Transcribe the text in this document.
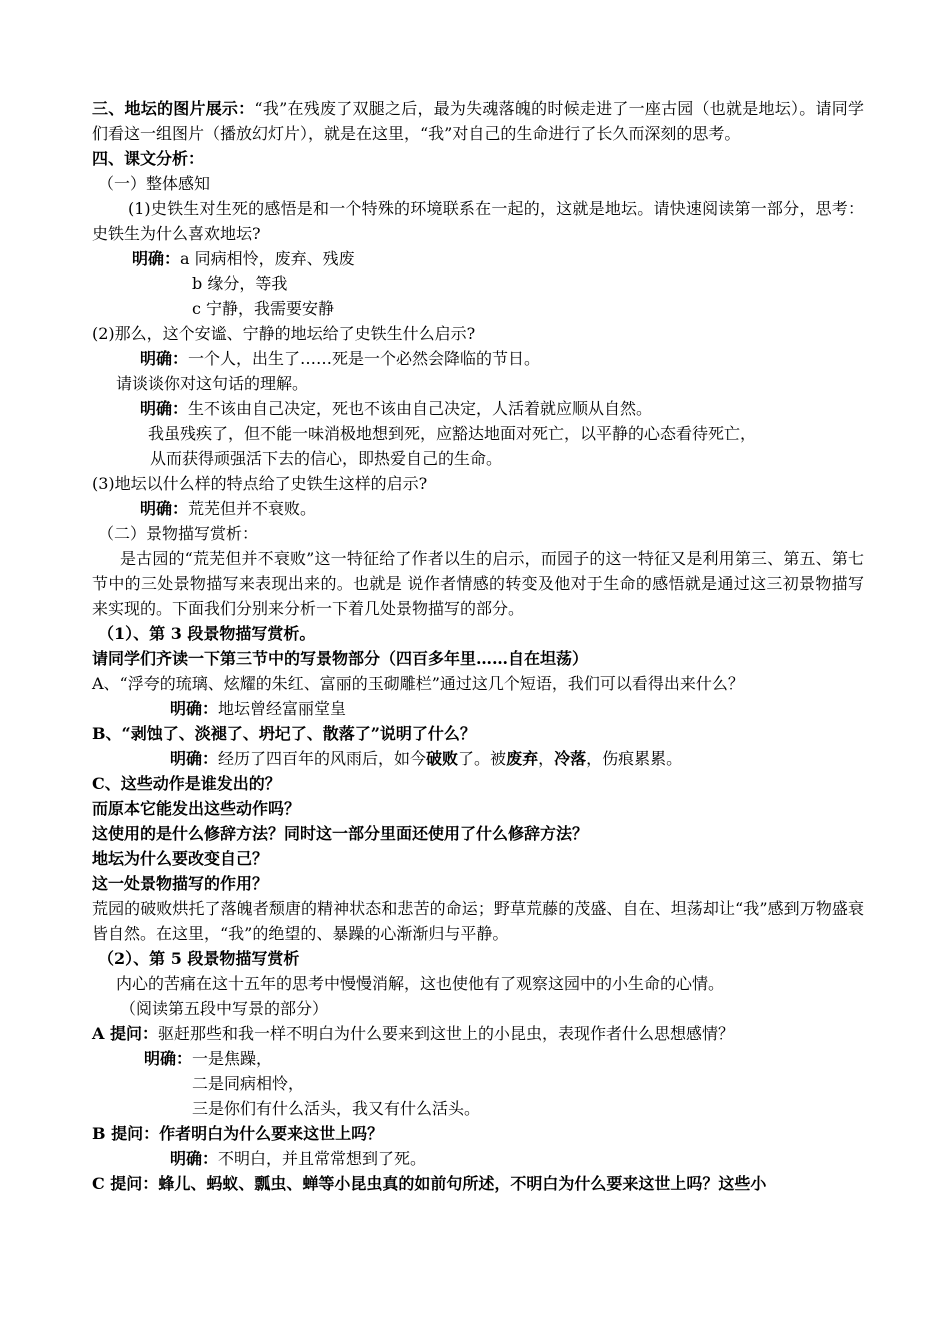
三、地坛的图片展示：“我”在残废了双腿之后，最为失魂落魄的时候走进了一座古园（也就是地坛）。请同学们看这一组图片（播放幻灯片），就是在这里，“我”对自己的生命进行了长久而深刻的思考。
四、课文分析：
（一）整体感知
(1)史铁生对生死的感悟是和一个特殊的环境联系在一起的，这就是地坛。请快速阅读第一部分，思考：史铁生为什么喜欢地坛?
明确：a 同病相怜，废弃、残废
b 缘分，等我
c 宁静，我需要安静
(2)那么，这个安谧、宁静的地坛给了史铁生什么启示?
明确：一个人，出生了……死是一个必然会降临的节日。
请谈谈你对这句话的理解。
明确：生不该由自己决定，死也不该由自己决定，人活着就应顺从自然。
我虽残疾了，但不能一味消极地想到死，应豁达地面对死亡，以平静的心态看待死亡，
从而获得顽强活下去的信心，即热爱自己的生命。
(3)地坛以什么样的特点给了史铁生这样的启示?
明确：荒芜但并不衰败。
（二）景物描写赏析：
是古园的“荒芜但并不衰败”这一特征给了作者以生的启示，而园子的这一特征又是利用第三、第五、第七节中的三处景物描写来表现出来的。也就是 说作者情感的转变及他对于生命的感悟就是通过这三初景物描写来实现的。下面我们分别来分析一下着几处景物描写的部分。
（1）、第 3 段景物描写赏析。
请同学们齐读一下第三节中的写景物部分（四百多年里……自在坦荡）
A、“浮夸的琉璃、炫耀的朱红、富丽的玉砌雕栏”通过这几个短语，我们可以看得出来什么？
明确：地坛曾经富丽堂皇
B、“剥蚀了、淡褪了、坍圮了、散落了”说明了什么？
明确：经历了四百年的风雨后，如今破败了。被废弃，冷落，伤痕累累。
C、这些动作是谁发出的？
而原本它能发出这些动作吗？
这使用的是什么修辞方法？同时这一部分里面还使用了什么修辞方法？
地坛为什么要改变自己？
这一处景物描写的作用？
荒园的破败烘托了落魄者颓唐的精神状态和悲苦的命运；野草荒藤的茂盛、自在、坦荡却让“我”感到万物盛衰皆自然。在这里，“我”的绝望的、暴躁的心渐渐归与平静。
（2）、第 5 段景物描写赏析
内心的苦痛在这十五年的思考中慢慢消解，这也使他有了观察这园中的小生命的心情。
（阅读第五段中写景的部分）
A 提问：驱赶那些和我一样不明白为什么要来到这世上的小昆虫，表现作者什么思想感情？
明确：一是焦躁，
二是同病相怜，
三是你们有什么活头，我又有什么活头。
B 提问：作者明白为什么要来这世上吗？
明确：不明白，并且常常想到了死。
C 提问：蜂儿、蚂蚁、瓢虫、蝉等小昆虫真的如前句所述，不明白为什么要来这世上吗？这些小
